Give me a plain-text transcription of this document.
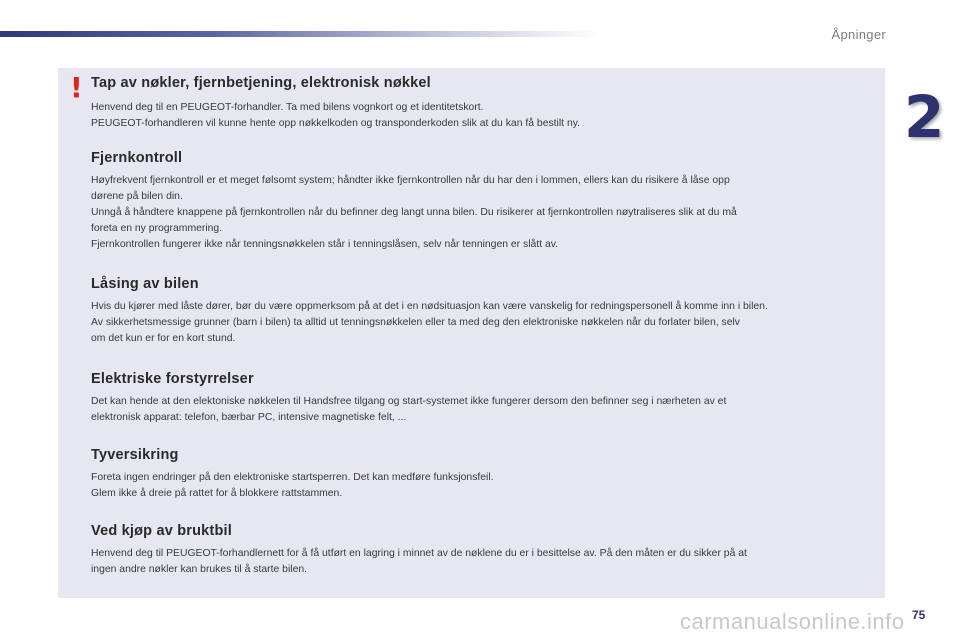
Åpninger
2
! Tap av nøkler, fjernbetjening, elektronisk nøkkel

Henvend deg til en PEUGEOT-forhandler. Ta med bilens vognkort og et identitetskort.

PEUGEOT-forhandleren vil kunne hente opp nøkkelkoden og transponderkoden slik at du kan få bestilt ny.

Fjernkontroll

Høyfrekvent fjernkontroll er et meget følsomt system; håndter ikke fjernkontrollen når du har den i lommen, ellers kan du risikere å låse opp

dørene på bilen din.

Unngå å håndtere knappene på fjernkontrollen når du befinner deg langt unna bilen. Du risikerer at fjernkontrollen nøytraliseres slik at du må

foreta en ny programmering.

Fjernkontrollen fungerer ikke når tenningsnøkkelen står i tenningslåsen, selv når tenningen er slått av.

Låsing av bilen

Hvis du kjører med låste dører, bør du være oppmerksom på at det i en nødsituasjon kan være vanskelig for redningspersonell å komme inn i bilen.

Av sikkerhetsmessige grunner (barn i bilen) ta alltid ut tenningsnøkkelen eller ta med deg den elektroniske nøkkelen når du forlater bilen, selv

om det kun er for en kort stund.

Elektriske forstyrrelser

Det kan hende at den elektoniske nøkkelen til Handsfree tilgang og start-systemet ikke fungerer dersom den befinner seg i nærheten av et

elektronisk apparat: telefon, bærbar PC, intensive magnetiske felt, ...

Tyversikring

Foreta ingen endringer på den elektroniske startsperren. Det kan medføre funksjonsfeil.

Glem ikke å dreie på rattet for å blokkere rattstammen.

Ved kjøp av bruktbil

Henvend deg til PEUGEOT-forhandlernett for å få utført en lagring i minnet av de nøklene du er i besittelse av. På den måten er du sikker på at

ingen andre nøkler kan brukes til å starte bilen.

carmanualsonline.info 75
